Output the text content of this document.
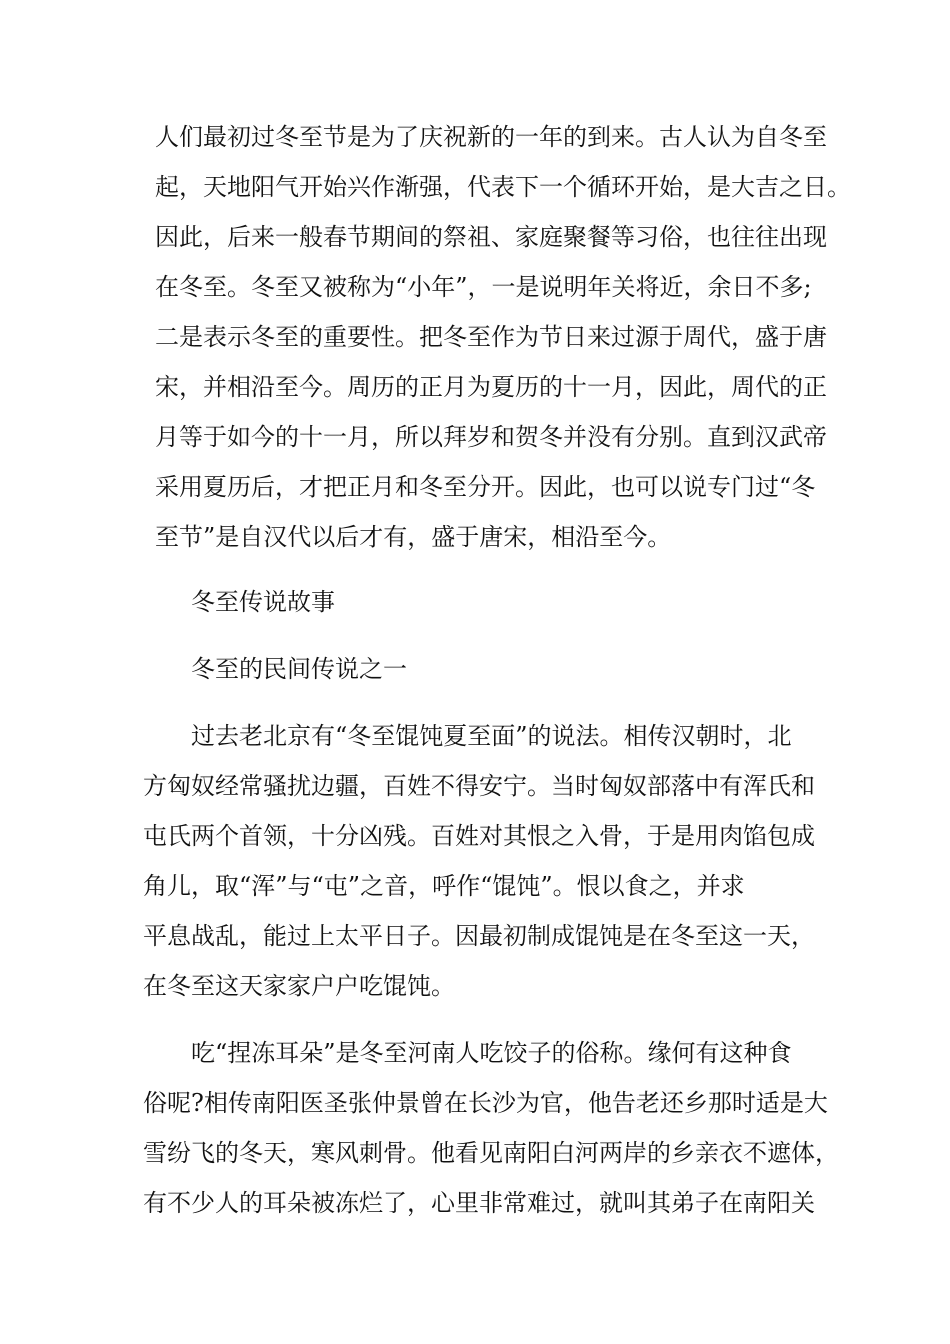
人们最初过冬至节是为了庆祝新的一年的到来。古人认为自冬至

起，天地阳气开始兴作渐强，代表下一个循环开始，是大吉之日。

因此，后来一般春节期间的祭祖、家庭聚餐等习俗，也往往出现

在冬至。冬至又被称为“小年”，一是说明年关将近，余日不多;

二是表示冬至的重要性。把冬至作为节日来过源于周代，盛于唐

宋，并相沿至今。周历的正月为夏历的十一月，因此，周代的正

月等于如今的十一月，所以拜岁和贺冬并没有分别。直到汉武帝

采用夏历后，才把正月和冬至分开。因此，也可以说专门过“冬

至节”是自汉代以后才有，盛于唐宋，相沿至今。

冬至传说故事
冬至的民间传说之一

过去老北京有“冬至馄饨夏至面”的说法。相传汉朝时，北

方匈奴经常骚扰边疆，百姓不得安宁。当时匈奴部落中有浑氏和

屯氏两个首领，十分凶残。百姓对其恨之入骨，于是用肉馅包成

角儿，取“浑”与“屯”之音，呼作“馄饨”。恨以食之，并求

平息战乱，能过上太平日子。因最初制成馄饨是在冬至这一天，

在冬至这天家家户户吃馄饨。

吃“捏冻耳朵”是冬至河南人吃饺子的俗称。缘何有这种食

俗呢?相传南阳医圣张仲景曾在长沙为官，他告老还乡那时适是大

雪纷飞的冬天，寒风刺骨。他看见南阳白河两岸的乡亲衣不遮体，

有不少人的耳朵被冻烂了，心里非常难过，就叫其弟子在南阳关
